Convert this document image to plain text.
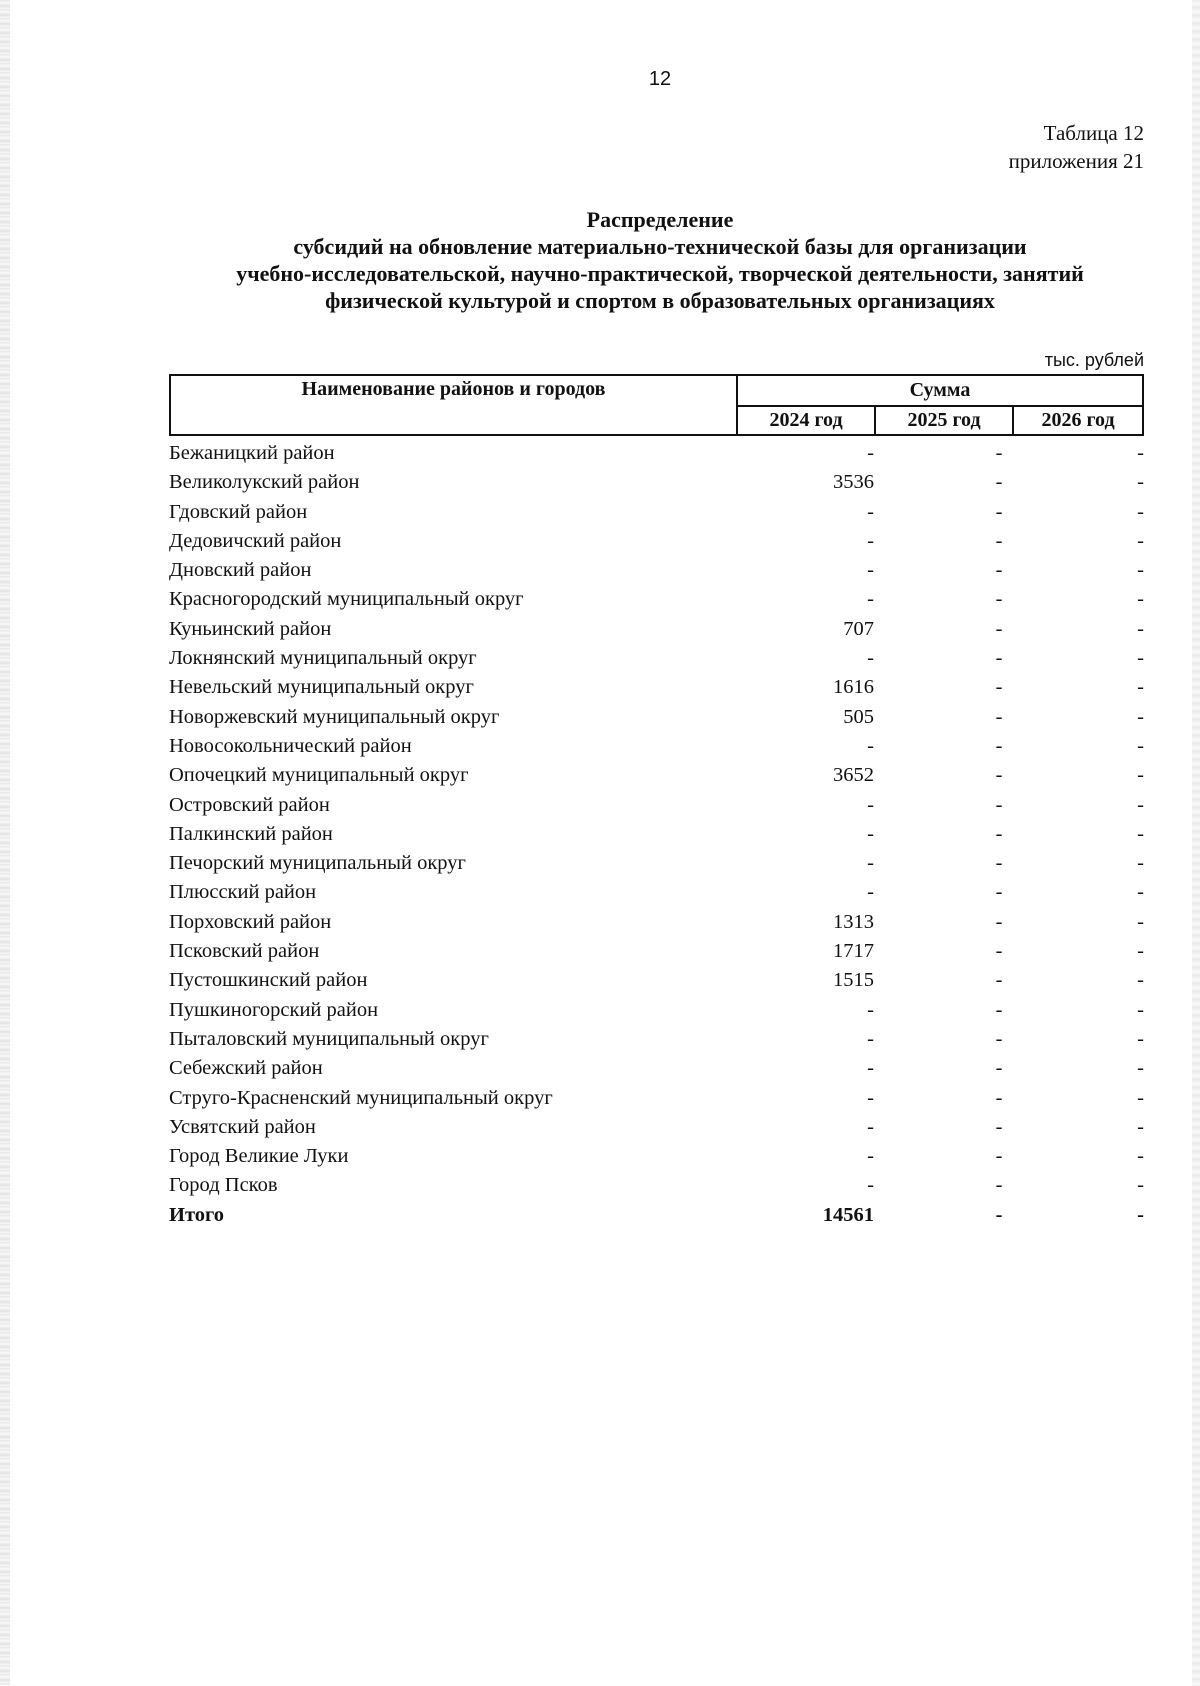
12
Таблица 12
приложения 21
Распределение
субсидий на обновление материально-технической базы для организации
учебно-исследовательской, научно-практической, творческой деятельности, занятий
физической культурой и спортом в образовательных организациях
тыс. рублей
Наименование районов и городов	Сумма
2024 год	2025 год	2026 год
Бежаницкий район	-	-	-
Великолукский район	3536	-	-
Гдовский район	-	-	-
Дедовичский район	-	-	-
Дновский район	-	-	-
Красногородский муниципальный округ	-	-	-
Куньинский район	707	-	-
Локнянский муниципальный округ	-	-	-
Невельский муниципальный округ	1616	-	-
Новоржевский муниципальный округ	505	-	-
Новосокольнический район	-	-	-
Опочецкий муниципальный округ	3652	-	-
Островский район	-	-	-
Палкинский район	-	-	-
Печорский муниципальный округ	-	-	-
Плюсский район	-	-	-
Порховский район	1313	-	-
Псковский район	1717	-	-
Пустошкинский район	1515	-	-
Пушкиногорский район	-	-	-
Пыталовский муниципальный округ	-	-	-
Себежский район	-	-	-
Струго-Красненский муниципальный округ	-	-	-
Усвятский район	-	-	-
Город Великие Луки	-	-	-
Город Псков	-	-	-
Итого	14561	-	-
